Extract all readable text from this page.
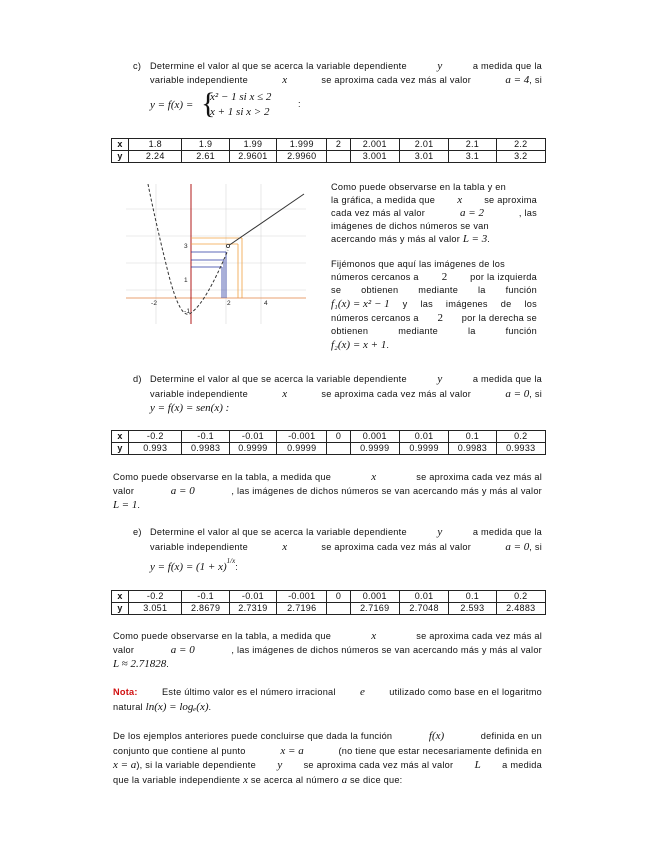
c) Determine el valor al que se acerca la variable dependiente	y	a medida que la
variable independiente	x	se aproxima cada vez más al valor	a = 4, si
y = f(x) = {
x² − 1 si x ≤ 2
x + 1 si x > 2
:
x	1.8	1.9	1.99	1.999	2	2.001	2.01	2.1	2.2
y	2.24	2.61	2.9601	2.9960		3.001	3.01	3.1	3.2
-2	2	4
3
1
-1
Como puede observarse en la tabla y en
la gráfica, a medida que x se aproxima
cada vez más al valor	a = 2	, las
imágenes de dichos números se van
acercando más y más al valor L = 3.
Fijémonos que aquí las imágenes de los
números cercanos a 2 por la izquierda
se obtienen mediante la función
f₁(x) = x² − 1 y las imágenes de los
números cercanos a 2 por la derecha se
obtienen	mediante	la	función
f₂(x) = x + 1.
d) Determine el valor al que se acerca la variable dependiente	y	a medida que la
variable independiente	x	se aproxima cada vez más al valor	a = 0, si
y = f(x) = sen(x) :
x	-0.2	-0.1	-0.01	-0.001	0	0.001	0.01	0.1	0.2
y	0.993	0.9983	0.9999	0.9999		0.9999	0.9999	0.9983	0.9933
Como puede observarse en la tabla, a medida que	x	se aproxima cada vez más al
valor	a = 0	, las imágenes de dichos números se van acercando más y más al valor
L = 1.
e) Determine el valor al que se acerca la variable dependiente	y	a medida que la
variable independiente	x	se aproxima cada vez más al valor	a = 0, si
$y = f(x) = (1 + x)^{1/x}$:
x	-0.2	-0.1	-0.01	-0.001	0	0.001	0.01	0.1	0.2
y	3.051	2.8679	2.7319	2.7196		2.7169	2.7048	2.593	2.4883
Como puede observarse en la tabla, a medida que	x	se aproxima cada vez más al
valor	a = 0	, las imágenes de dichos números se van acercando más y más al valor
L ≈ 2.71828.
Nota:	Este último valor es el número irracional e	utilizado como base en el logaritmo
natural ln(x) = logₑ(x).
De los ejemplos anteriores puede concluirse que dada la función	f(x)	definida en un
conjunto que contiene al punto	x = a	(no tiene que estar necesariamente definida en
x = a), si la variable dependiente y se aproxima cada vez más al valor L a medida
que la variable independiente x se acerca al número a se dice que:
